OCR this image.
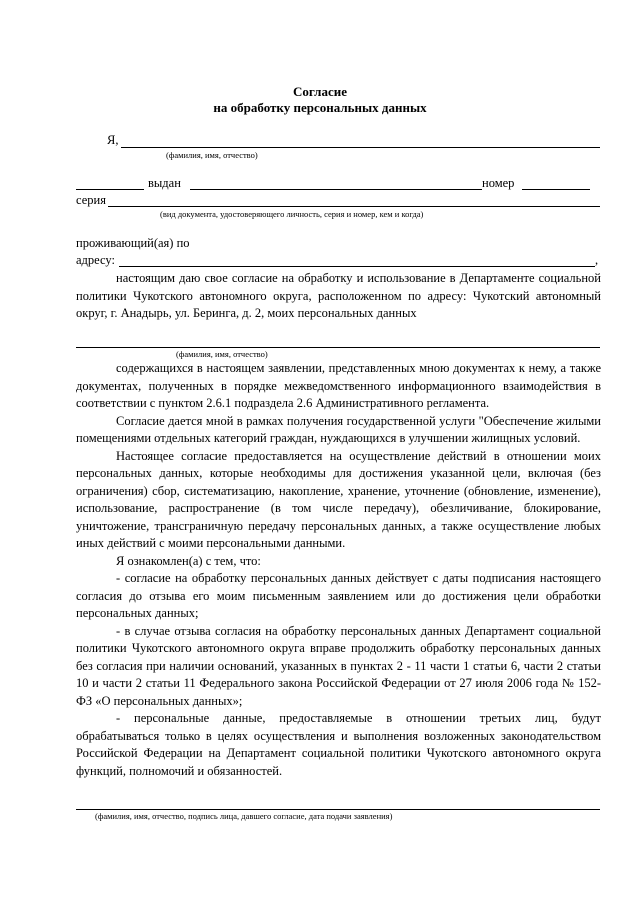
Согласие
на обработку персональных данных
Я,
(фамилия, имя, отчество)
выдан	номер
серия
(вид документа, удостоверяющего личность, серия и номер, кем и когда)
проживающий(ая) по
адресу:	,
настоящим даю свое согласие на обработку и использование в Департаменте социальной политики Чукотского автономного округа, расположенном по адресу: Чукотский автономный округ, г. Анадырь, ул. Беринга, д. 2, моих персональных данных
(фамилия, имя, отчество)

содержащихся в настоящем заявлении, представленных мною документах к нему, а также документах, полученных в порядке межведомственного информационного взаимодействия в соответствии с пунктом 2.6.1 подраздела 2.6 Административного регламента.

Согласие дается мной в рамках получения государственной услуги "Обеспечение жилыми помещениями отдельных категорий граждан, нуждающихся в улучшении жилищных условий.

Настоящее согласие предоставляется на осуществление действий в отношении моих персональных данных, которые необходимы для достижения указанной цели, включая (без ограничения) сбор, систематизацию, накопление, хранение, уточнение (обновление, изменение), использование, распространение (в том числе передачу), обезличивание, блокирование, уничтожение, трансграничную передачу персональных данных, а также осуществление любых иных действий с моими персональными данными.

Я ознакомлен(а) с тем, что:

- согласие на обработку персональных данных действует с даты подписания настоящего согласия до отзыва его моим письменным заявлением или до достижения цели обработки персональных данных;

- в случае отзыва согласия на обработку персональных данных Департамент социальной политики Чукотского автономного округа вправе продолжить обработку персональных данных без согласия при наличии оснований, указанных в пунктах 2 - 11 части 1 статьи 6, части 2 статьи 10 и части 2 статьи 11 Федерального закона Российской Федерации от 27 июля 2006 года № 152-ФЗ «О персональных данных»;

- персональные данные, предоставляемые в отношении третьих лиц, будут обрабатываться только в целях осуществления и выполнения возложенных законодательством Российской Федерации на Департамент социальной политики Чукотского автономного округа функций, полномочий и обязанностей.

(фамилия, имя, отчество, подпись лица, давшего согласие, дата подачи заявления)
